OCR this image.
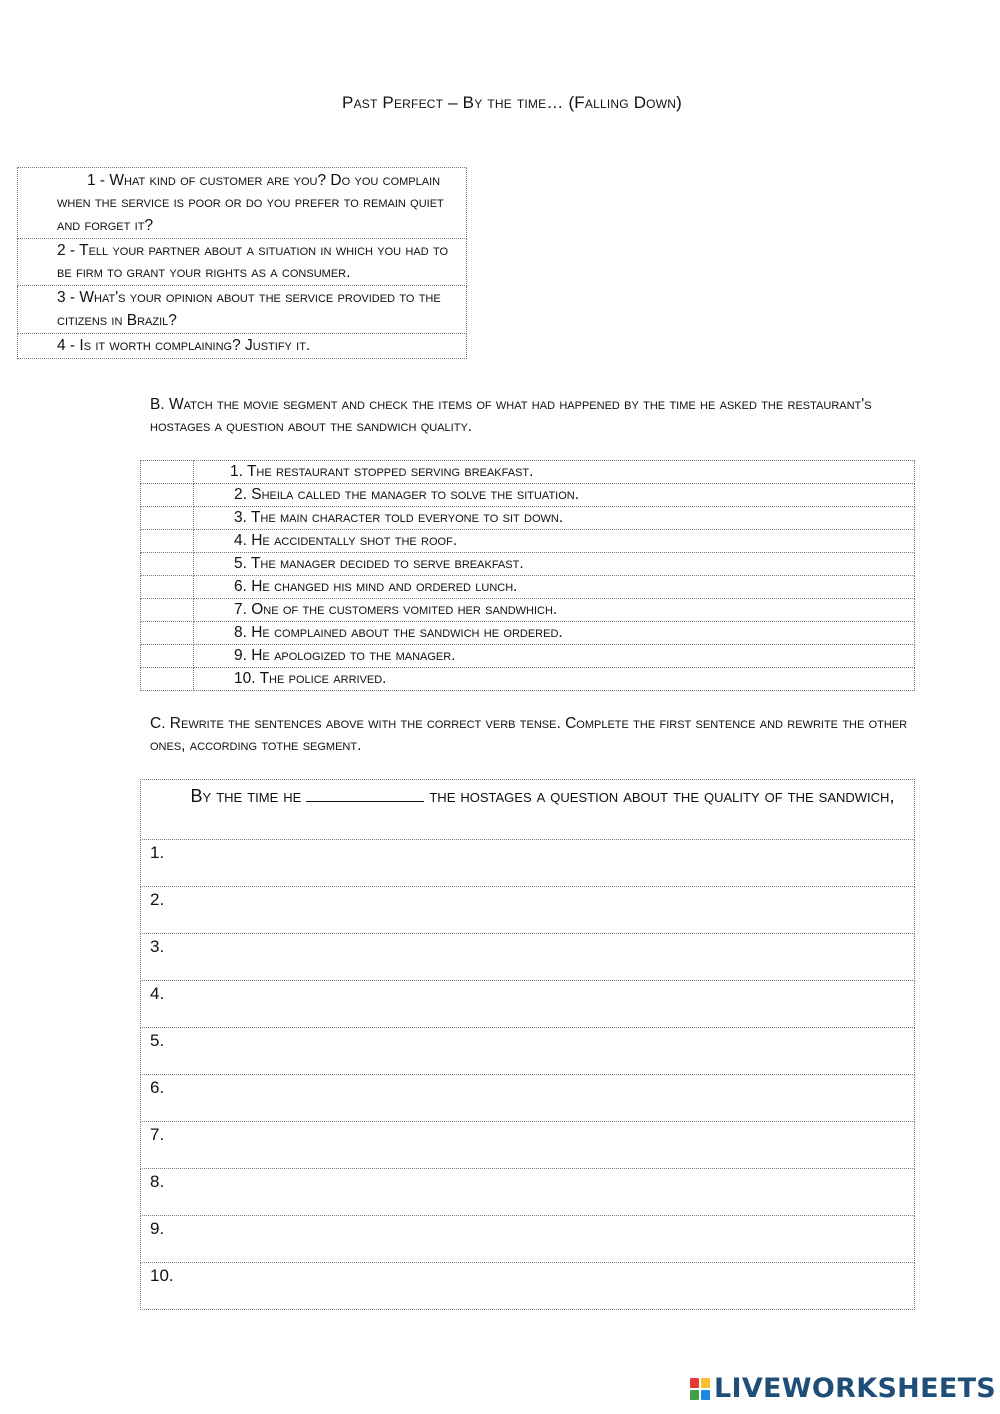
Past Perfect – By the time… (Falling Down)
1 - What kind of customer are you? Do you complain when the service is poor or do you prefer to remain quiet and forget it?
2 - Tell your partner about a situation in which you had to be firm to grant your rights as a consumer.
3 - What's your opinion about the service provided to the citizens in Brazil?
4 - Is it worth complaining? Justify it.
B. Watch the movie segment and check the items of what had happened by the time he asked the restaurant's hostages a question about the sandwich quality.
	1. The restaurant stopped serving breakfast.
	2. Sheila called the manager to solve the situation.
	3. The main character told everyone to sit down.
	4. He accidentally shot the roof.
	5. The manager decided to serve breakfast.
	6. He changed his mind and ordered lunch.
	7. One of the customers vomited her sandwhich.
	8. He complained about the sandwich he ordered.
	9. He apologized to the manager.
	10. The police arrived.
C. Rewrite the sentences above with the correct verb tense. Complete the first sentence and rewrite the other ones, according tothe segment.
By the time he	the hostages a question about the quality of the sandwich,
1.
2.
3.
4.
5.
6.
7.
8.
9.
10.
LIVEWORKSHEETS
